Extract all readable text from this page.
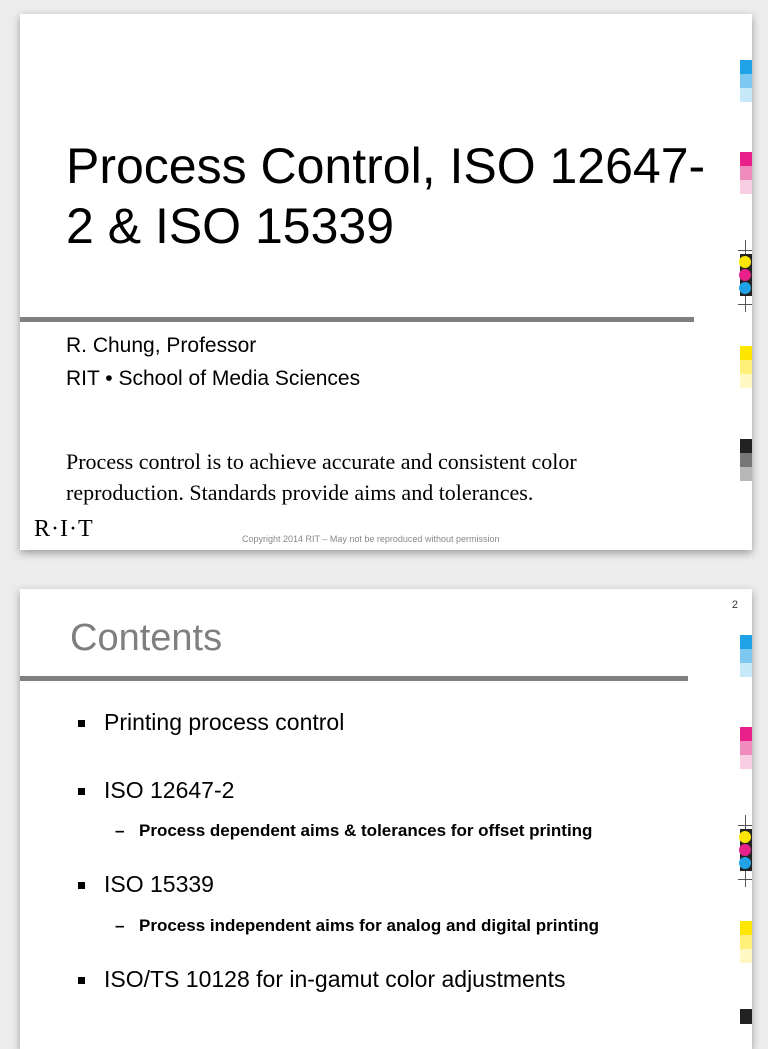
Process Control, ISO 12647-2 & ISO 15339
R. Chung, Professor
RIT • School of Media Sciences
Process control is to achieve accurate and consistent color reproduction. Standards provide aims and tolerances.
R·I·T	Copyright 2014 RIT – May not be reproduced without permission
2
Contents
Printing process control
ISO 12647-2
– Process dependent aims & tolerances for offset printing
ISO 15339
– Process independent aims for analog and digital printing
ISO/TS 10128 for in-gamut color adjustments
